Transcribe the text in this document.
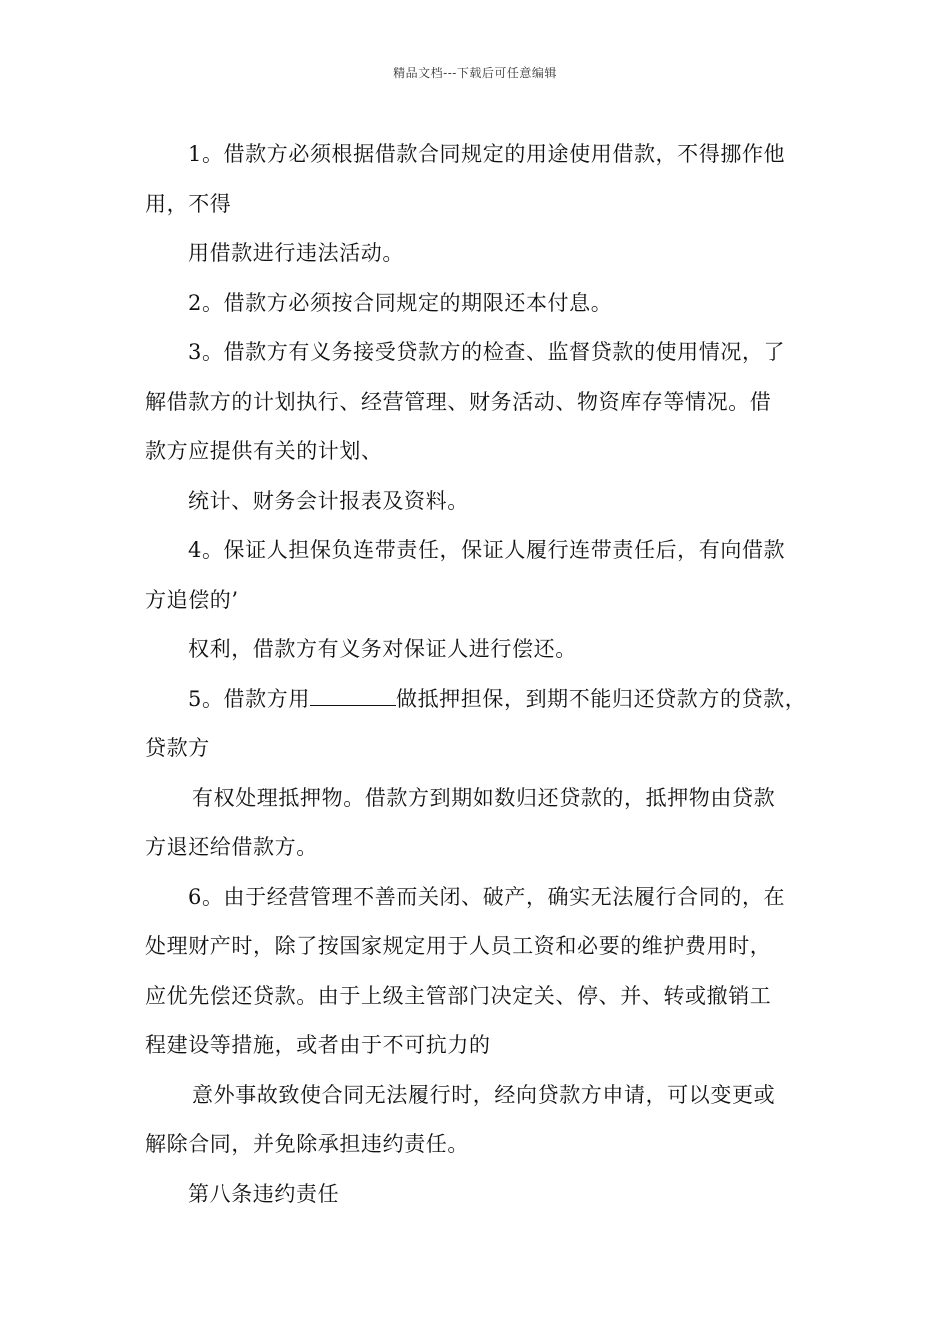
精品文档---下载后可任意编辑
1。借款方必须根据借款合同规定的用途使用借款，不得挪作他
用，不得
用借款进行违法活动。
2。借款方必须按合同规定的期限还本付息。
3。借款方有义务接受贷款方的检查、监督贷款的使用情况，了
解借款方的计划执行、经营管理、财务活动、物资库存等情况。借
款方应提供有关的计划、
统计、财务会计报表及资料。
4。保证人担保负连带责任，保证人履行连带责任后，有向借款
方追偿的’
权利，借款方有义务对保证人进行偿还。
5。借款方用	做抵押担保，到期不能归还贷款方的贷款，
贷款方
有权处理抵押物。借款方到期如数归还贷款的，抵押物由贷款
方退还给借款方。
6。由于经营管理不善而关闭、破产，确实无法履行合同的，在
处理财产时，除了按国家规定用于人员工资和必要的维护费用时，
应优先偿还贷款。由于上级主管部门决定关、停、并、转或撤销工
程建设等措施，或者由于不可抗力的
意外事故致使合同无法履行时，经向贷款方申请，可以变更或
解除合同，并免除承担违约责任。
第八条违约责任
